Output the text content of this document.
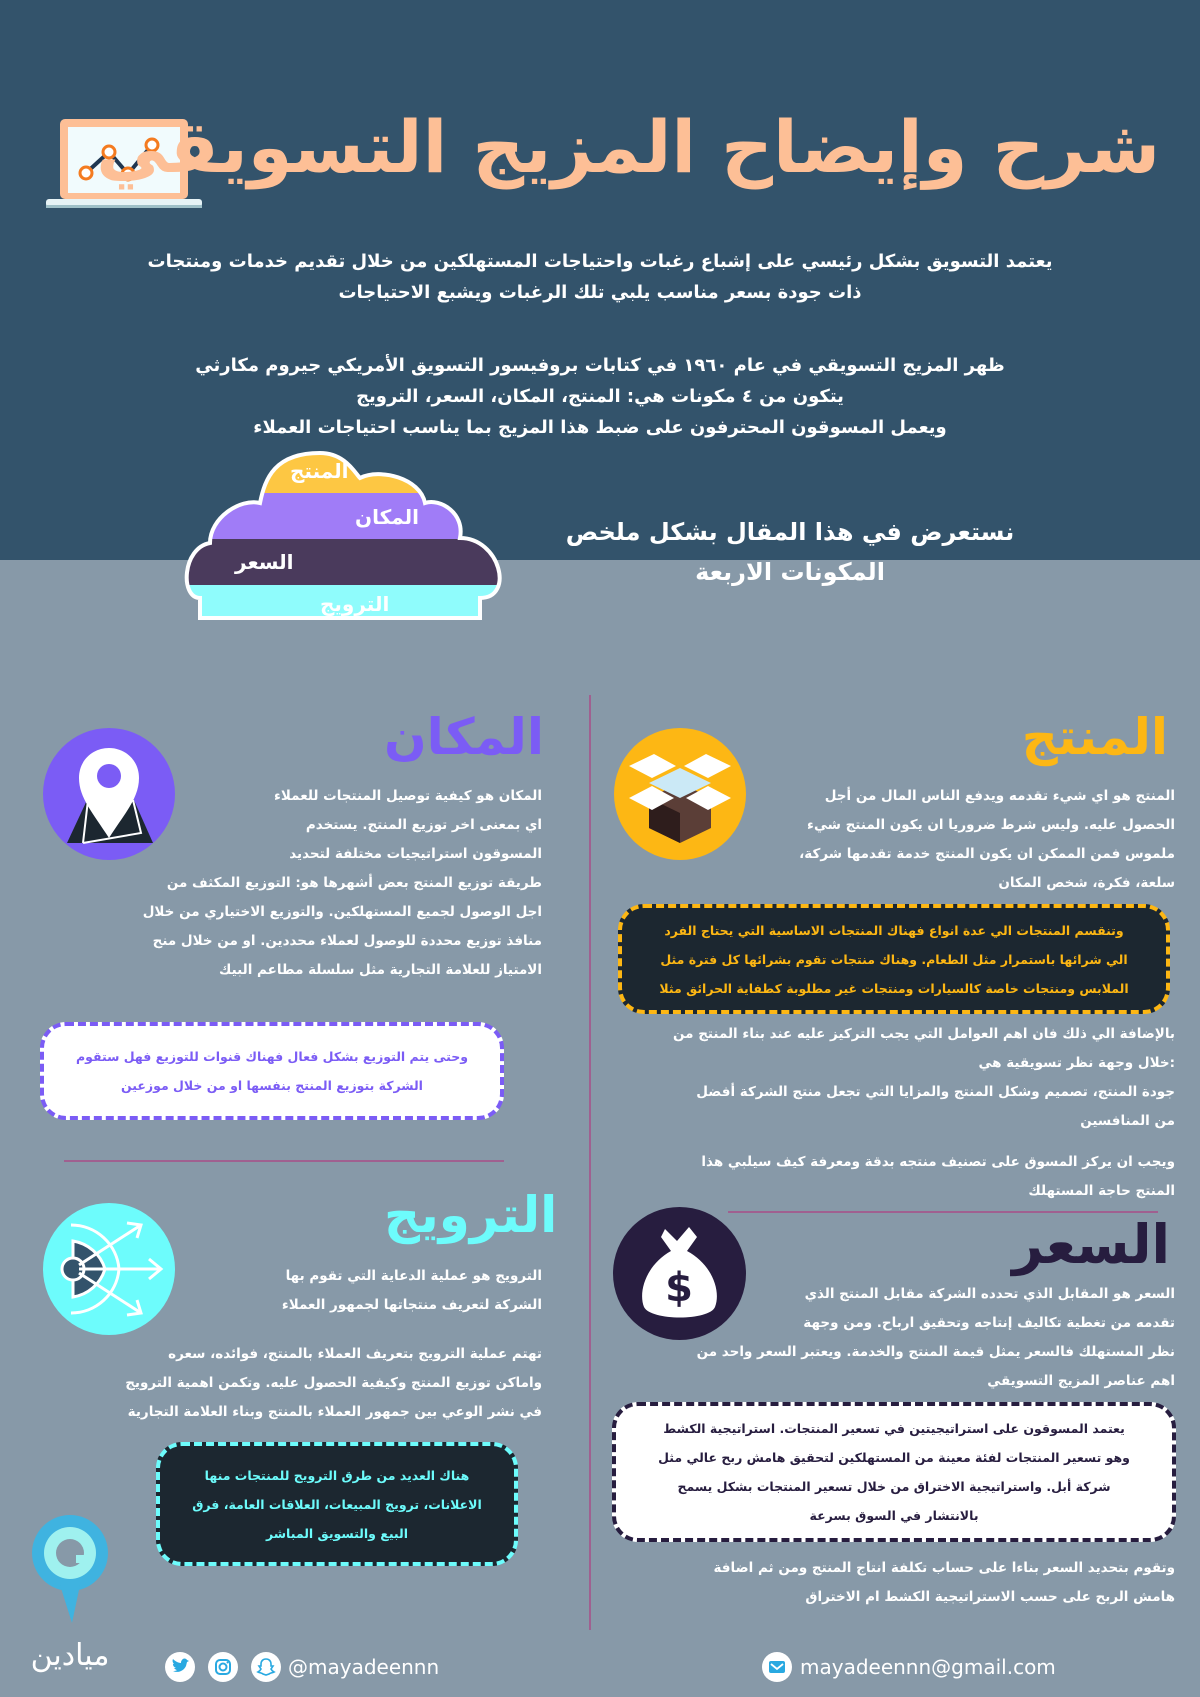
شرح وإيضاح المزيج التسويقي
يعتمد التسويق بشكل رئيسي على إشباع رغبات واحتياجات المستهلكين من خلال تقديم خدمات ومنتجات
ذات جودة بسعر مناسب يلبي تلك الرغبات ويشبع الاحتياجات
ظهر المزيج التسويقي في عام ١٩٦٠ في كتابات بروفيسور التسويق الأمريكي جيروم مكارثي
يتكون من ٤ مكونات هي: المنتج، المكان، السعر، الترويج
ويعمل المسوقون المحترفون على ضبط هذا المزيج بما يناسب احتياجات العملاء
المنتج
المكان
السعر
الترويج
نستعرض في هذا المقال بشكل ملخص
المكونات الاربعة
المنتج
المنتج هو اي شيء تقدمه ويدفع الناس المال من أجل
الحصول عليه. وليس شرط ضروريا ان يكون المنتج شيء
ملموس فمن الممكن ان يكون المنتج خدمة تقدمها شركة،
سلعة، فكرة، شخص المكان
وتنقسم المنتجات الي عدة انواع فهناك المنتجات الاساسية التي يحتاج الفرد
الي شرائها باستمرار مثل الطعام. وهناك منتجات تقوم بشرائها كل فترة مثل
الملابس ومنتجات خاصة كالسيارات ومنتجات غير مطلوبة كطفاية الحرائق مثلا
بالإضافة الي ذلك فان اهم العوامل التي يجب التركيز عليه عند بناء المنتج من
:خلال وجهة نظر تسويقية هي
جودة المنتج، تصميم وشكل المنتج والمزايا التي تجعل منتج الشركة أفضل
من المنافسين
ويجب ان يركز المسوق على تصنيف منتجه بدقة ومعرفة كيف سيلبي هذا
المنتج حاجة المستهلك
السعر
$	السعر هو المقابل الذي تحدده الشركة مقابل المنتج الذي
تقدمه من تغطية تكاليف إنتاجه وتحقيق ارباح. ومن وجهة
نظر المستهلك فالسعر يمثل قيمة المنتج والخدمة. ويعتبر السعر واحد من
اهم عناصر المزيج التسويقي
يعتمد المسوقون على استراتيجيتين في تسعير المنتجات. استراتيجية الكشط
وهو تسعير المنتجات لفئة معينة من المستهلكين لتحقيق هامش ربح عالي مثل
شركة أبل. واستراتيجية الاختراق من خلال تسعير المنتجات بشكل يسمح
بالانتشار في السوق بسرعة
وتقوم بتحديد السعر بناءا على حساب تكلفة انتاج المنتج ومن ثم اضافة
هامش الربح على حسب الاستراتيجية الكشط ام الاختراق
المكان
المكان هو كيفية توصيل المنتجات للعملاء
اي بمعنى اخر توزيع المنتج. يستخدم
المسوقون استراتيجيات مختلفة لتحديد
طريقة توزيع المنتج بعض أشهرها هو: التوزيع المكثف من
اجل الوصول لجميع المستهلكين. والتوزيع الاختياري من خلال
منافذ توزيع محددة للوصول لعملاء محددين. او من خلال منح
الامتياز للعلامة التجارية مثل سلسلة مطاعم البيك
وحتى يتم التوزيع بشكل فعال فهناك قنوات للتوزيع فهل ستقوم
الشركة بتوزيع المنتج بنفسها او من خلال موزعين
الترويج
الترويج هو عملية الدعاية التي تقوم بها
الشركة لتعريف منتجاتها لجمهور العملاء
تهتم عملية الترويج بتعريف العملاء بالمنتج، فوائده، سعره
واماكن توزيع المنتج وكيفية الحصول عليه. وتكمن اهمية الترويج
في نشر الوعي بين جمهور العملاء بالمنتج وبناء العلامة التجارية
هناك العديد من طرق الترويج للمنتجات منها
الاعلانات، ترويج المبيعات، العلاقات العامة، فرق
البيع والتسويق المباشر
ميادين	@mayadeennn	mayadeennn@gmail.com
